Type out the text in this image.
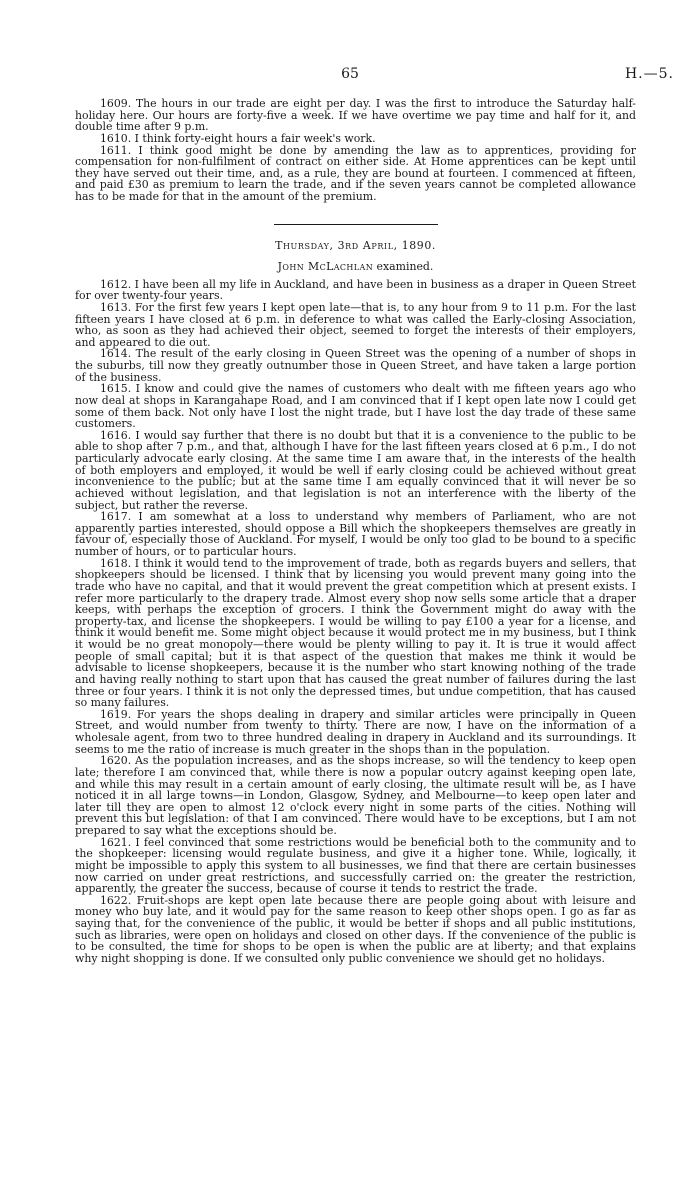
65	H.—5.

1609. The hours in our trade are eight per day. I was the first to introduce the Saturday half-holiday here. Our hours are forty-five a week. If we have overtime we pay time and half for it, and double time after 9 p.m.

1610. I think forty-eight hours a fair week's work.

1611. I think good might be done by amending the law as to apprentices, providing for compensation for non-fulfilment of contract on either side. At Home apprentices can be kept until they have served out their time, and, as a rule, they are bound at fourteen. I commenced at fifteen, and paid £30 as premium to learn the trade, and if the seven years cannot be completed allowance has to be made for that in the amount of the premium.

Thursday, 3rd April, 1890.
John McLachlan examined.

1612. I have been all my life in Auckland, and have been in business as a draper in Queen Street for over twenty-four years.

1613. For the first few years I kept open late—that is, to any hour from 9 to 11 p.m. For the last fifteen years I have closed at 6 p.m. in deference to what was called the Early-closing Association, who, as soon as they had achieved their object, seemed to forget the interests of their employers, and appeared to die out.

1614. The result of the early closing in Queen Street was the opening of a number of shops in the suburbs, till now they greatly outnumber those in Queen Street, and have taken a large portion of the business.

1615. I know and could give the names of customers who dealt with me fifteen years ago who now deal at shops in Karangahape Road, and I am convinced that if I kept open late now I could get some of them back. Not only have I lost the night trade, but I have lost the day trade of these same customers.

1616. I would say further that there is no doubt but that it is a convenience to the public to be able to shop after 7 p.m., and that, although I have for the last fifteen years closed at 6 p.m., I do not particularly advocate early closing. At the same time I am aware that, in the interests of the health of both employers and employed, it would be well if early closing could be achieved without great inconvenience to the public; but at the same time I am equally convinced that it will never be so achieved without legislation, and that legislation is not an interference with the liberty of the subject, but rather the reverse.

1617. I am somewhat at a loss to understand why members of Parliament, who are not apparently parties interested, should oppose a Bill which the shopkeepers themselves are greatly in favour of, especially those of Auckland. For myself, I would be only too glad to be bound to a specific number of hours, or to particular hours.

1618. I think it would tend to the improvement of trade, both as regards buyers and sellers, that shopkeepers should be licensed. I think that by licensing you would prevent many going into the trade who have no capital, and that it would prevent the great competition which at present exists. I refer more particularly to the drapery trade. Almost every shop now sells some article that a draper keeps, with perhaps the exception of grocers. I think the Government might do away with the property-tax, and license the shopkeepers. I would be willing to pay £100 a year for a license, and think it would benefit me. Some might object because it would protect me in my business, but I think it would be no great monopoly—there would be plenty willing to pay it. It is true it would affect people of small capital; but it is that aspect of the question that makes me think it would be advisable to license shopkeepers, because it is the number who start knowing nothing of the trade and having really nothing to start upon that has caused the great number of failures during the last three or four years. I think it is not only the depressed times, but undue competition, that has caused so many failures.

1619. For years the shops dealing in drapery and similar articles were principally in Queen Street, and would number from twenty to thirty. There are now, I have on the information of a wholesale agent, from two to three hundred dealing in drapery in Auckland and its surroundings. It seems to me the ratio of increase is much greater in the shops than in the population.

1620. As the population increases, and as the shops increase, so will the tendency to keep open late; therefore I am convinced that, while there is now a popular outcry against keeping open late, and while this may result in a certain amount of early closing, the ultimate result will be, as I have noticed it in all large towns—in London, Glasgow, Sydney, and Melbourne—to keep open later and later till they are open to almost 12 o'clock every night in some parts of the cities. Nothing will prevent this but legislation: of that I am convinced. There would have to be exceptions, but I am not prepared to say what the exceptions should be.

1621. I feel convinced that some restrictions would be beneficial both to the community and to the shopkeeper: licensing would regulate business, and give it a higher tone. While, logically, it might be impossible to apply this system to all businesses, we find that there are certain businesses now carried on under great restrictions, and successfully carried on: the greater the restriction, apparently, the greater the success, because of course it tends to restrict the trade.

1622. Fruit-shops are kept open late because there are people going about with leisure and money who buy late, and it would pay for the same reason to keep other shops open. I go as far as saying that, for the convenience of the public, it would be better if shops and all public institutions, such as libraries, were open on holidays and closed on other days. If the convenience of the public is to be consulted, the time for shops to be open is when the public are at liberty; and that explains why night shopping is done. If we consulted only public convenience we should get no holidays.
